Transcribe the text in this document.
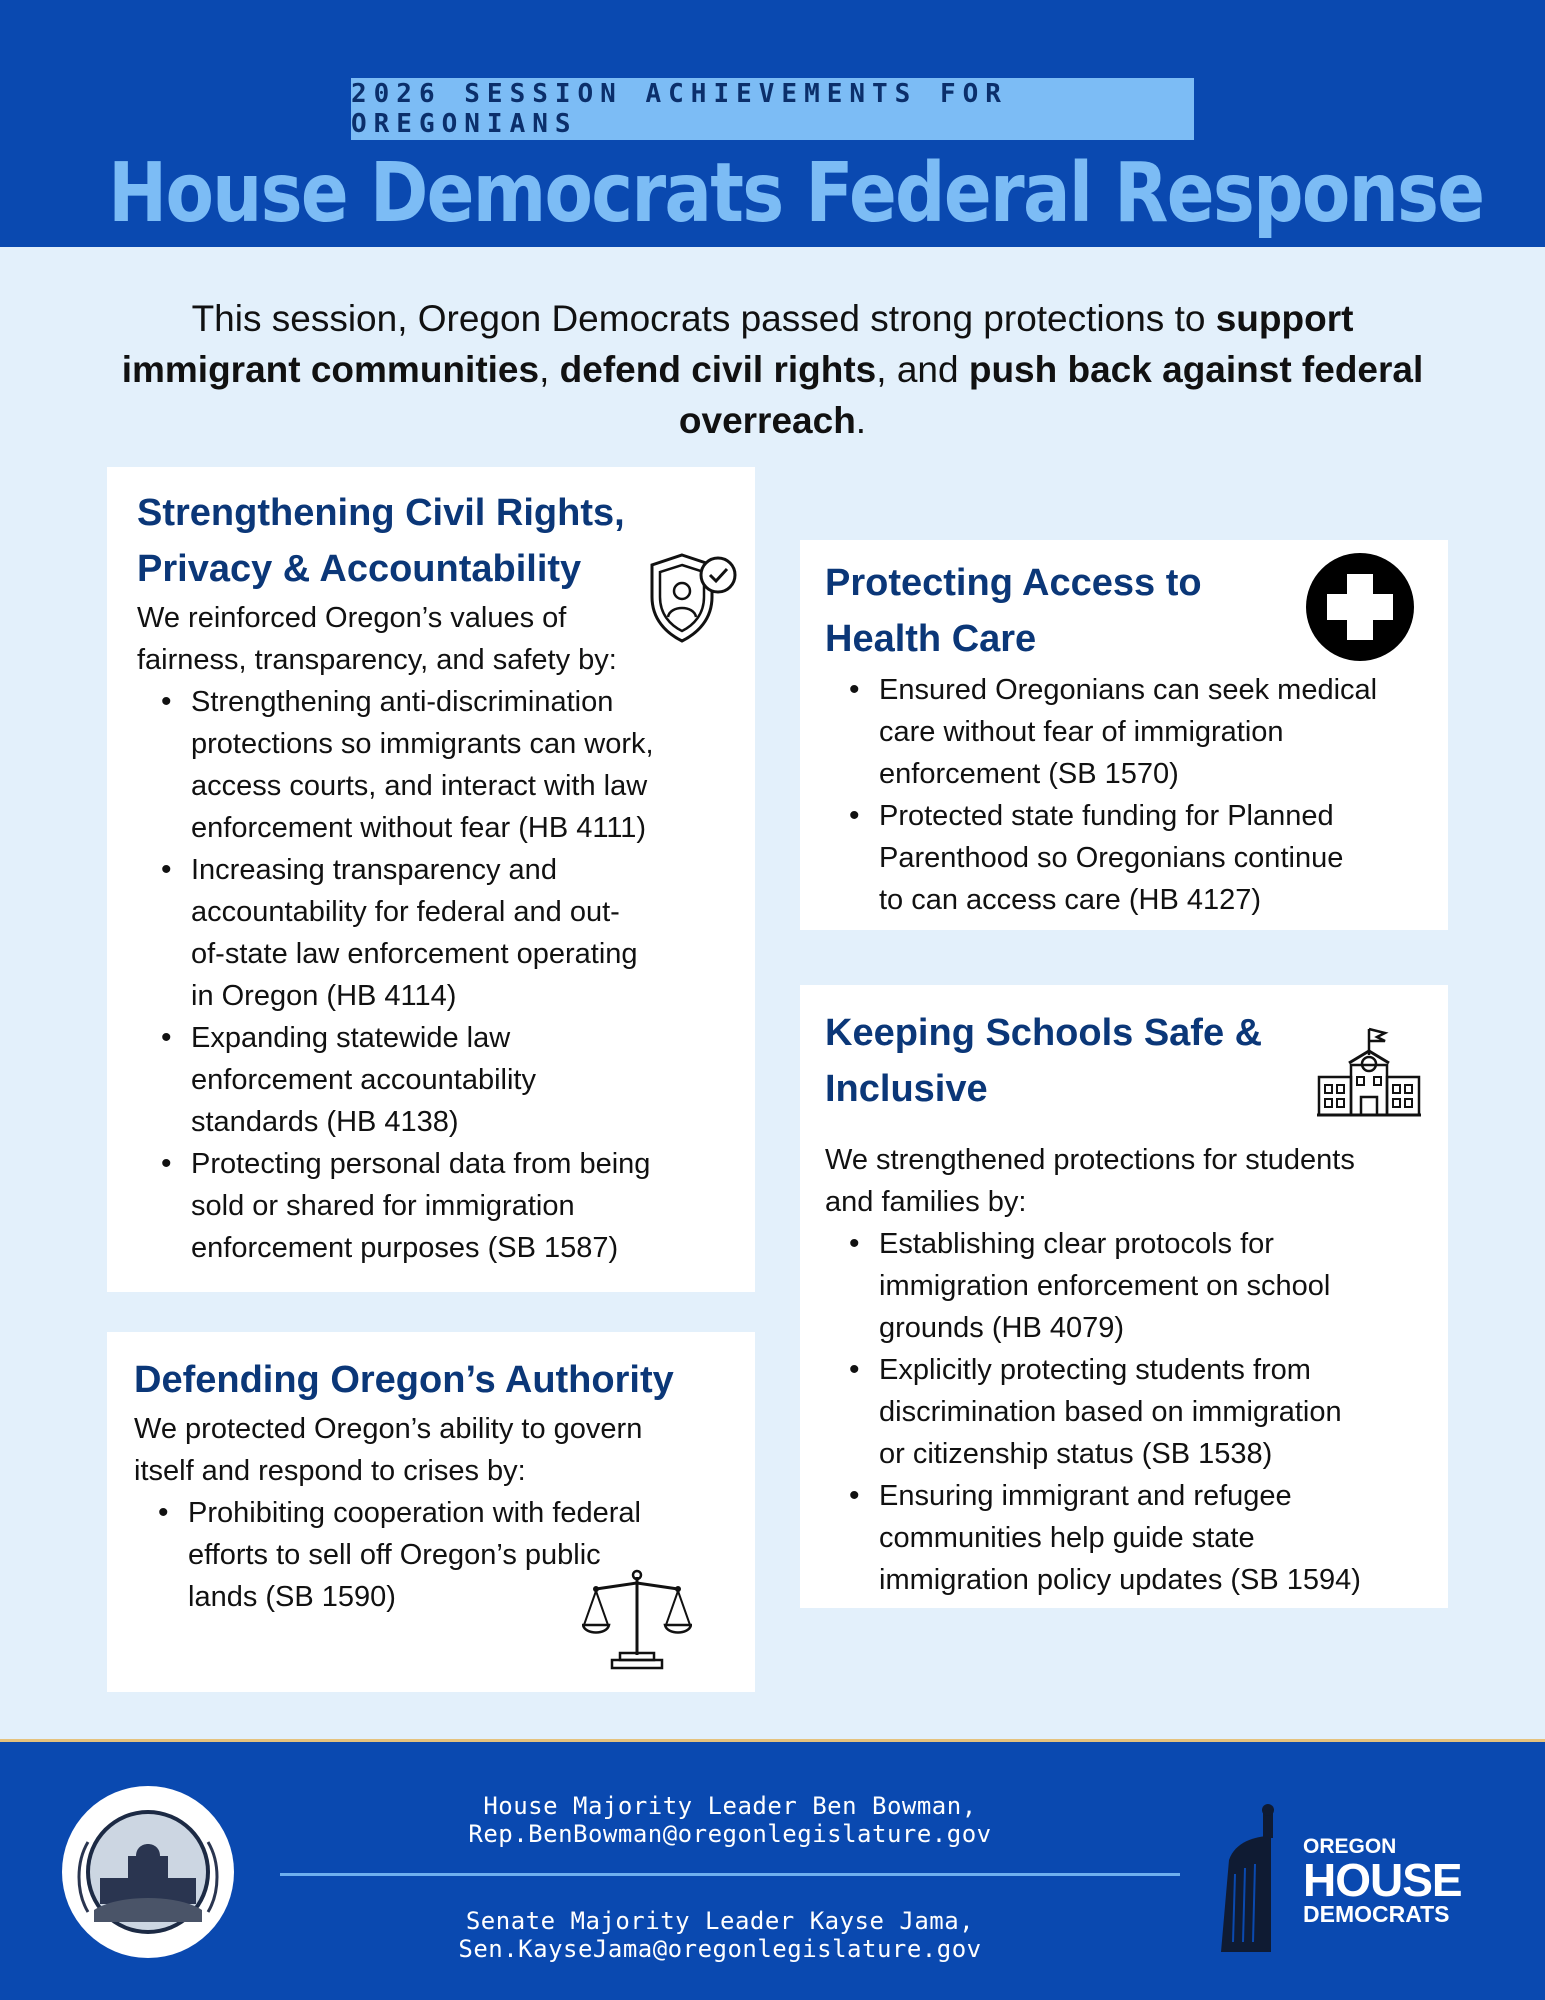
2026 SESSION ACHIEVEMENTS FOR OREGONIANS
House Democrats Federal Response
This session, Oregon Democrats passed strong protections to support immigrant communities, defend civil rights, and push back against federal overreach.
Strengthening Civil Rights,
Privacy & Accountability

We reinforced Oregon’s values of

fairness, transparency, and safety by:

• Strengthening anti-discrimination
protections so immigrants can work,
access courts, and interact with law
enforcement without fear (HB 4111)
• Increasing transparency and
accountability for federal and out-
of-state law enforcement operating
in Oregon (HB 4114)
• Expanding statewide law
enforcement accountability
standards (HB 4138)
• Protecting personal data from being
sold or shared for immigration
enforcement purposes (SB 1587)
Protecting Access to
Health Care
• Ensured Oregonians can seek medical
care without fear of immigration
enforcement (SB 1570)
• Protected state funding for Planned
Parenthood so Oregonians continue
to can access care (HB 4127)
Keeping Schools Safe &
Inclusive

We strengthened protections for students

and families by:

• Establishing clear protocols for
immigration enforcement on school
grounds (HB 4079)
• Explicitly protecting students from
discrimination based on immigration
or citizenship status (SB 1538)
• Ensuring immigrant and refugee
communities help guide state
immigration policy updates (SB 1594)
Defending Oregon’s Authority

We protected Oregon’s ability to govern

itself and respond to crises by:

• Prohibiting cooperation with federal
efforts to sell off Oregon’s public
lands (SB 1590)
House Majority Leader Ben Bowman, Rep.BenBowman@oregonlegislature.gov
Senate Majority Leader Kayse Jama, Sen.KayseJama@oregonlegislature.gov
OREGON
HOUSE
DEMOCRATS
